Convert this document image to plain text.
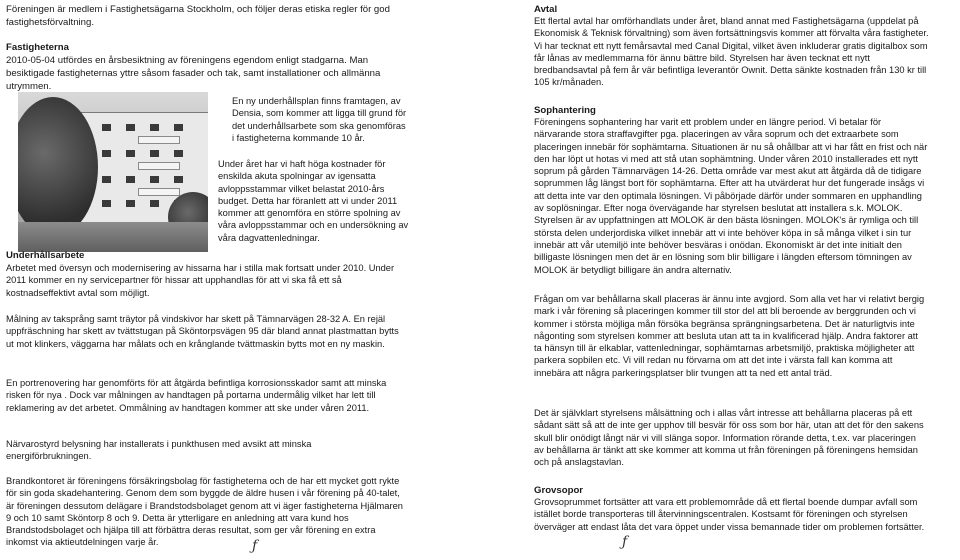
Föreningen är medlem i Fastighetsägarna Stockholm, och följer deras etiska regler för god fastighetsförvaltning.

Fastigheterna

2010-05-04 utfördes en årsbesiktning av föreningens egendom enligt stadgarna. Man besiktigade fastigheternas yttre såsom fasader och tak, samt installationer och allmänna utrymmen.

En ny underhållsplan finns framtagen, av Densia, som kommer att ligga till grund för det underhållsarbete som ska genomföras i fastigheterna kommande 10 år.

Under året har vi haft höga kostnader för enskilda akuta spolningar av igensatta avloppsstammar vilket belastat 2010-års budget. Detta har föranlett att vi under 2011 kommer att genomföra en större spolning av våra avloppsstammar och en undersökning av våra dagvattenledningar.

Underhållsarbete

Arbetet med översyn och modernisering av hissarna har i stilla mak fortsatt under 2010. Under 2011 kommer en ny servicepartner för hissar att upphandlas för att vi ska få ett så kostnadseffektivt avtal som möjligt.

Målning av taksprång samt träytor på vindskivor har skett på Tämnarvägen 28-32 A. En rejäl uppfräschning har skett av tvättstugan på Sköntorpsvägen 95 där bland annat plastmattan bytts ut mot klinkers, väggarna har målats och en krånglande tvättmaskin bytts mot en ny maskin.

En portrenovering har genomförts för att åtgärda befintliga korrosionsskador samt att minska risken för nya . Dock var målningen av handtagen på portarna undermålig vilket har lett till reklamering av det arbetet. Ommålning av handtagen kommer att ske under våren 2011.

Närvarostyrd belysning har installerats i punkthusen med avsikt att minska energiförbrukningen.

Brandkontoret är föreningens försäkringsbolag för fastigheterna och de har ett mycket gott rykte för sin goda skadehantering. Genom dem som byggde de äldre husen i vår förening på 40-talet, är föreningen dessutom delägare i Brandstodsbolaget genom att vi äger fastigheterna Hjälmaren 9 och 10 samt Sköntorp 8 och 9. Detta är ytterligare en anledning att vara kund hos Brandstodsbolaget och hjälpa till att förbättra deras resultat, som ger vår förening en extra inkomst via aktieutdelningen varje år.	ƒ

Avtal

Ett flertal avtal har omförhandlats under året, bland annat med Fastighetsägarna (uppdelat på Ekonomisk & Teknisk förvaltning) som även fortsättningsvis kommer att förvalta våra fastigheter. Vi har tecknat ett nytt femårsavtal med Canal Digital, vilket även inkluderar gratis digitalbox som får lånas av medlemmarna för ännu bättre bild. Styrelsen har även tecknat ett nytt bredbandsavtal på fem år vär befintliga leverantör Ownit. Detta sänkte kostnaden från 130 kr till 105 kr/månaden.

Sophantering

Föreningens sophantering har varit ett problem under en längre period. Vi betalar för närvarande stora straffavgifter pga. placeringen av våra soprum och det extraarbete som placeringen innebär för sophämtarna. Situationen är nu så ohållbar att vi har fått en frist och när den har löpt ut hotas vi med att stå utan sophämtning. Under våren 2010 installerades ett nytt soprum på gården Tämnarvägen 14-26. Detta område var mest akut att åtgärda då de tidigare soprummen låg längst bort för sophämtarna. Efter att ha utvärderat hur det fungerade insågs vi att detta inte var den optimala lösningen. Vi påbörjade därför under sommaren en upphandling av soplösningar. Efter noga övervägande har styrelsen beslutat att installera s.k. MOLOK. Styrelsen är av uppfattningen att MOLOK är den bästa lösningen. MOLOK's är rymliga och till största delen underjordiska vilket innebär att vi inte behöver köpa in så många vilket i sin tur innebär att vår utemiljö inte behöver besväras i onödan. Ekonomiskt är det inte initialt den billigaste lösningen men det är en lösning som blir billigare i längden eftersom tömningen av MOLOK är betydligt billigare än andra alternativ.

Frågan om var behållarna skall placeras är ännu inte avgjord. Som alla vet har vi relativt bergig mark i vår förening så placeringen kommer till stor del att bli beroende av berggrunden och vi kommer i största möjliga mån försöka begränsa sprängningsarbetena. Det är naturligtvis inte någonting som styrelsen kommer att besluta utan att ta in kvalificerad hjälp. Andra faktorer att ta hänsyn till är elkablar, vattenledningar, sophämtarnas arbetsmiljö, praktiska möjligheter att parkera sopbilen etc. Vi vill redan nu förvarna om att det inte i värsta fall kan komma att innebära att några parkeringsplatser blir tvungen att ta ned ett antal träd.

Det är självklart styrelsens målsättning och i allas vårt intresse att behållarna placeras på ett sådant sätt så att de inte ger upphov till besvär för oss som bor här, utan att det för den sakens skull blir onödigt långt när vi vill slänga sopor. Information rörande detta, t.ex. var placeringen av behållarna är tänkt att ske kommer att komma ut från föreningen på föreningens hemsidan och på anslagstavlan.

Grovsopor

Grovsoprummet fortsätter att vara ett problemområde då ett flertal boende dumpar avfall som istället borde transporteras till återvinningscentralen. Kostsamt för föreningen och styrelsen överväger att endast låta det vara öppet under vissa bemannade tider om problemen fortsätter.

ƒ
